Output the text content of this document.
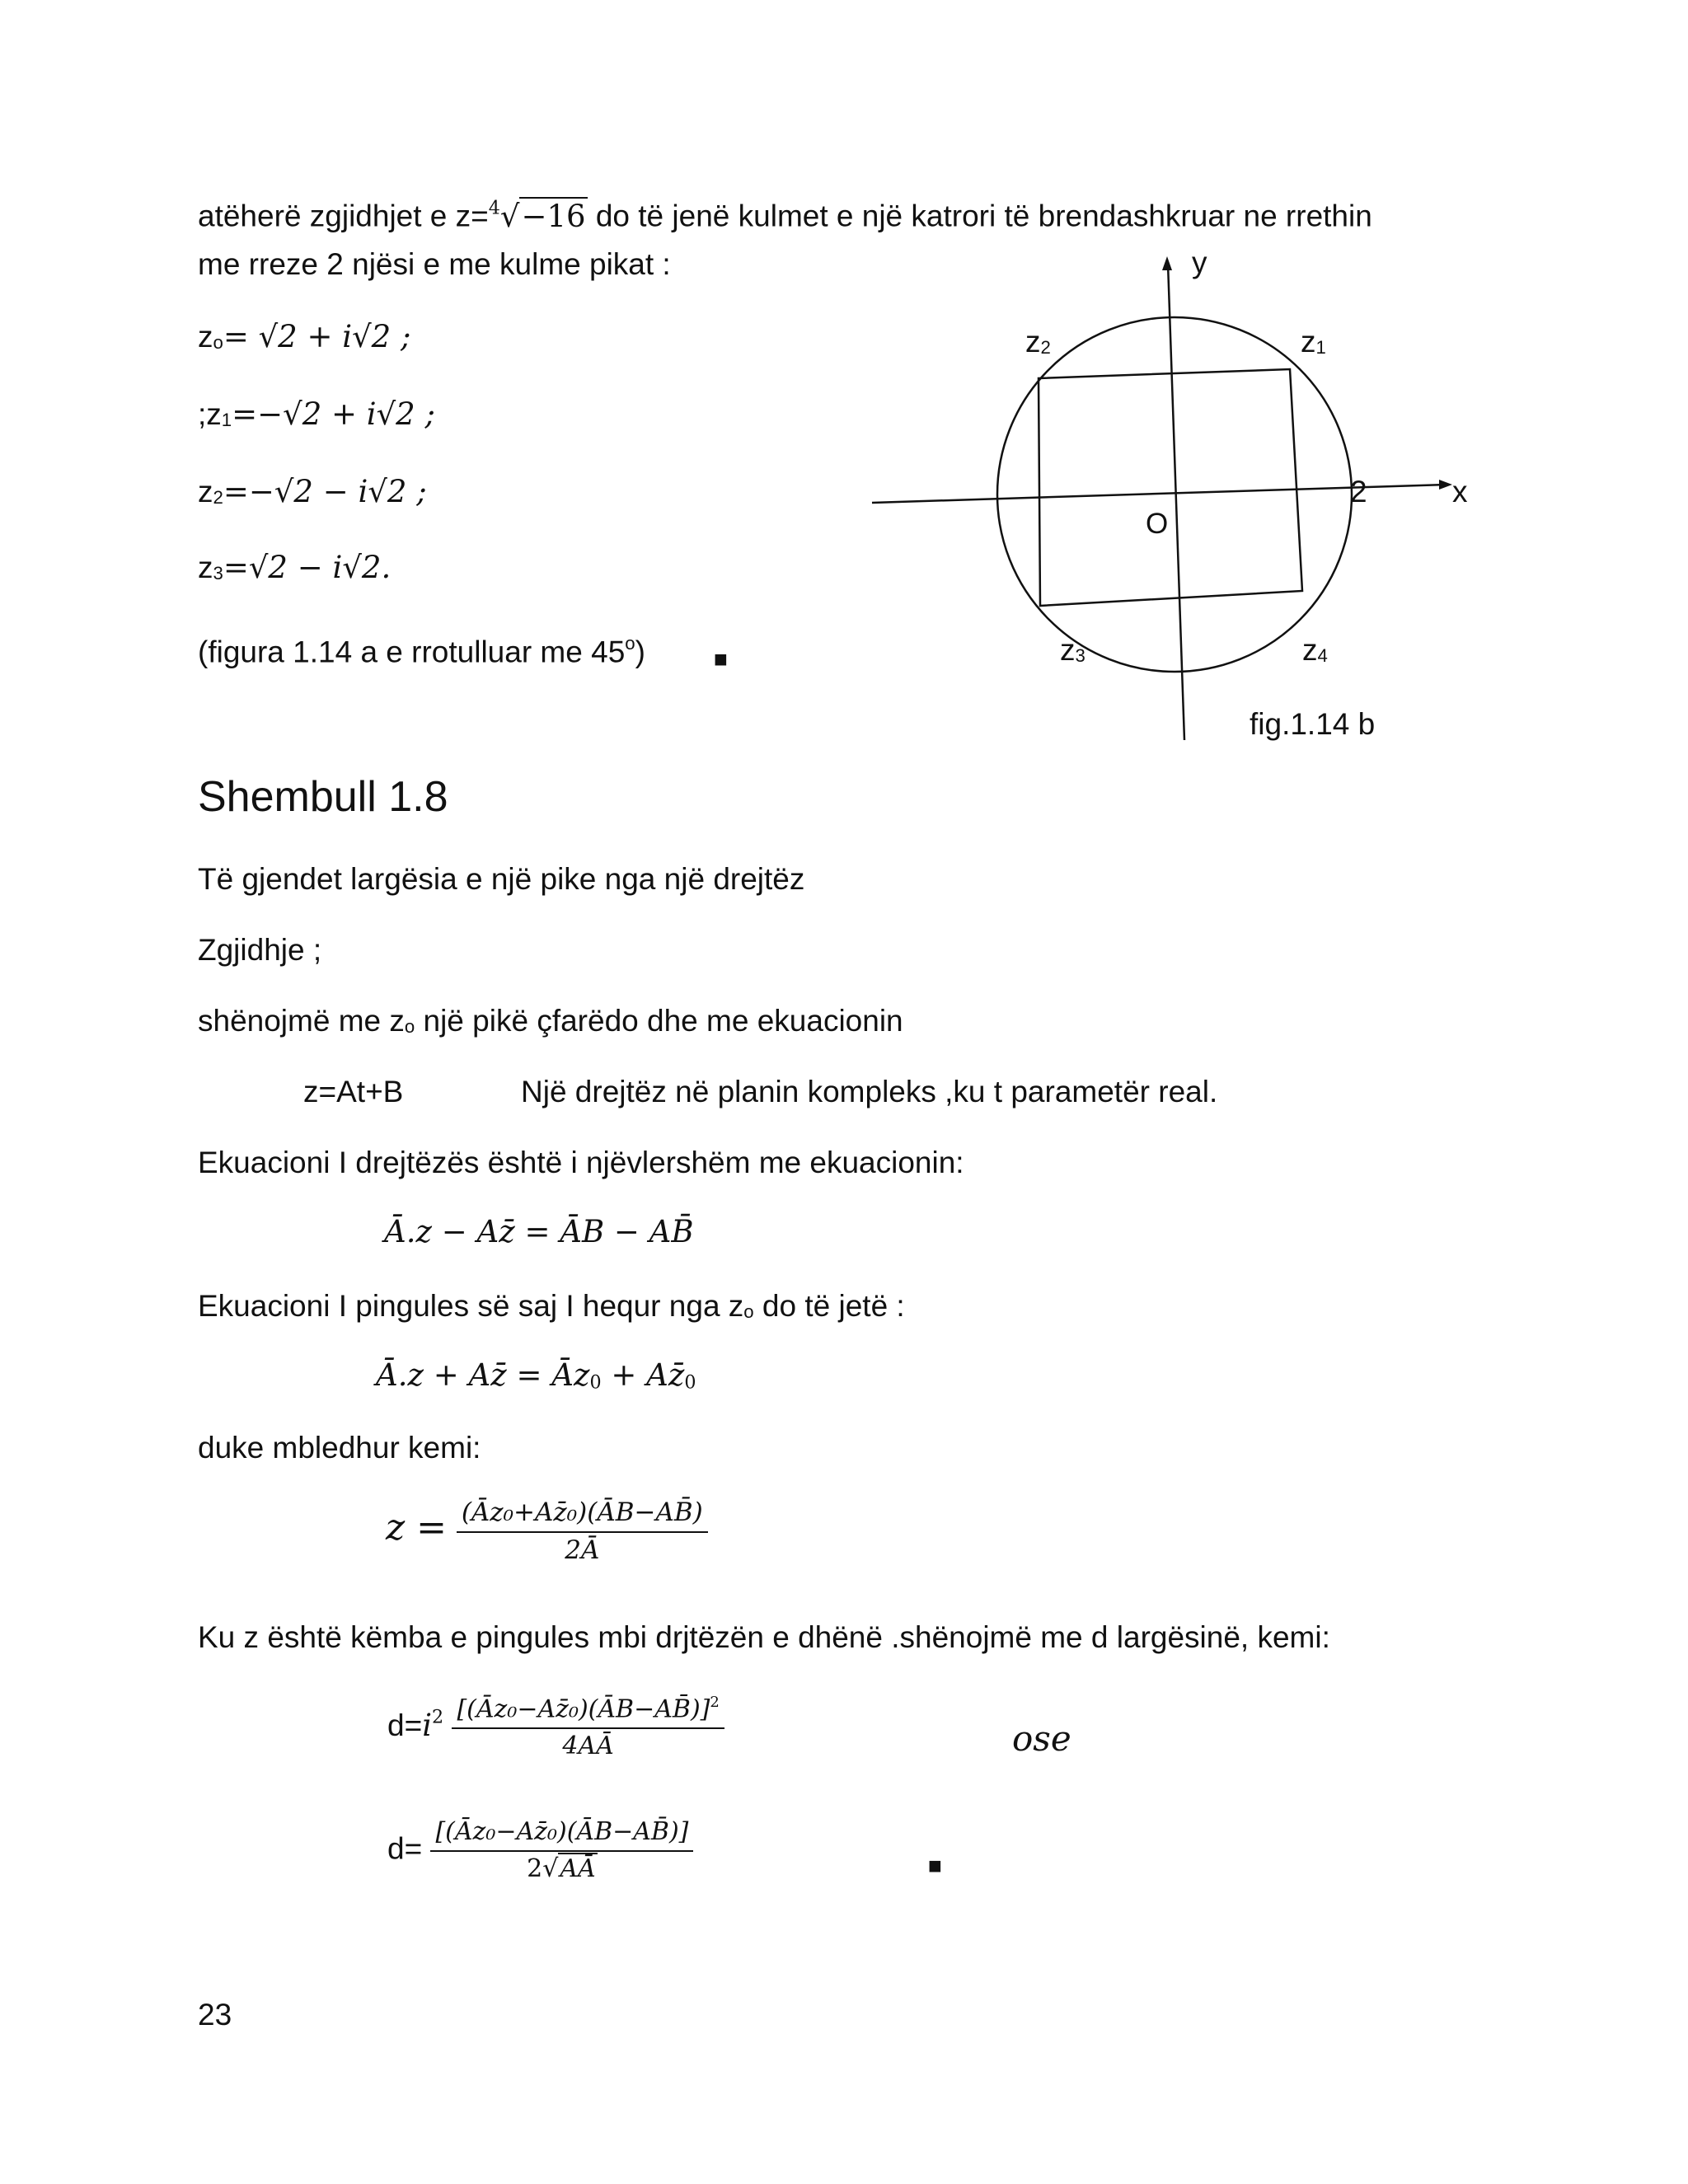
atëherë zgjidhjet e z=$^4$√−16 do të jenë kulmet e një katrori të brendashkruar ne rrethin
me rreze 2 njësi e me kulme pikat :
zo= √2 + i√2 ;
;z1=−√2 + i√2 ;
z2=−√2 − i√2 ;
z3=√2 − i√2.
(figura 1.14 a e rrotulluar me 45$^o$)	■
y
x
2
O
z2	z1
z3	z4
fig.1.14 b
Shembull 1.8
Të gjendet largësia e një pike nga një drejtëz
Zgjidhje ;
shënojmë me zo një pikë çfarëdo dhe me ekuacionin
z=At+B	Një drejtëz në planin kompleks ,ku t parametër real.
Ekuacioni I drejtëzës është i njëvlershëm me ekuacionin:
Ā.z − Az̄ = ĀB − AB̄
Ekuacioni I pingules së saj I hequr nga zo do të jetë :
Ā.z + Az̄ = Āz0 + Az̄0
duke mbledhur kemi:
$z = \frac{\text{(Āz₀+Az̄₀)(ĀB−AB̄)}}{2Ā}$
Ku z është këmba e pingules mbi drjtëzën e dhënë .shënojmë me d largësinë, kemi:
$d=i^2 \frac{[(Āz_0-Az̄_0)(ĀB-AB̄)]^2}{4AĀ}$	ose
$d= \frac{\text{[(Āz₀−Az̄₀)(ĀB−AB̄)]}}{2√AĀ}$	■
23
